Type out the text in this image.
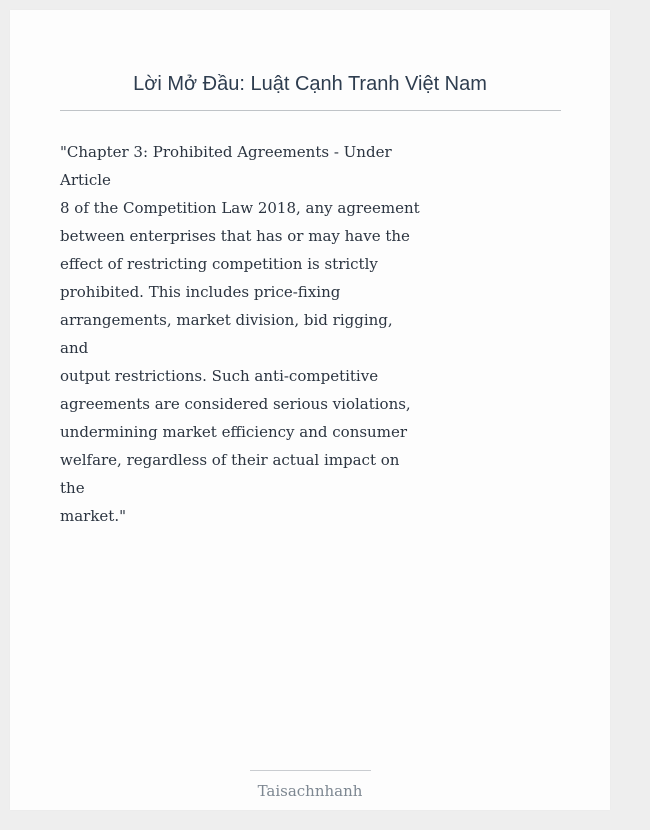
Lời Mở Đầu: Luật Cạnh Tranh Việt Nam
"Chapter 3: Prohibited Agreements - Under
Article
8 of the Competition Law 2018, any agreement
between enterprises that has or may have the
effect of restricting competition is strictly
prohibited. This includes price-fixing
arrangements, market division, bid rigging,
and
output restrictions. Such anti-competitive
agreements are considered serious violations,
undermining market efficiency and consumer
welfare, regardless of their actual impact on
the
market."
Taisachnhanh
